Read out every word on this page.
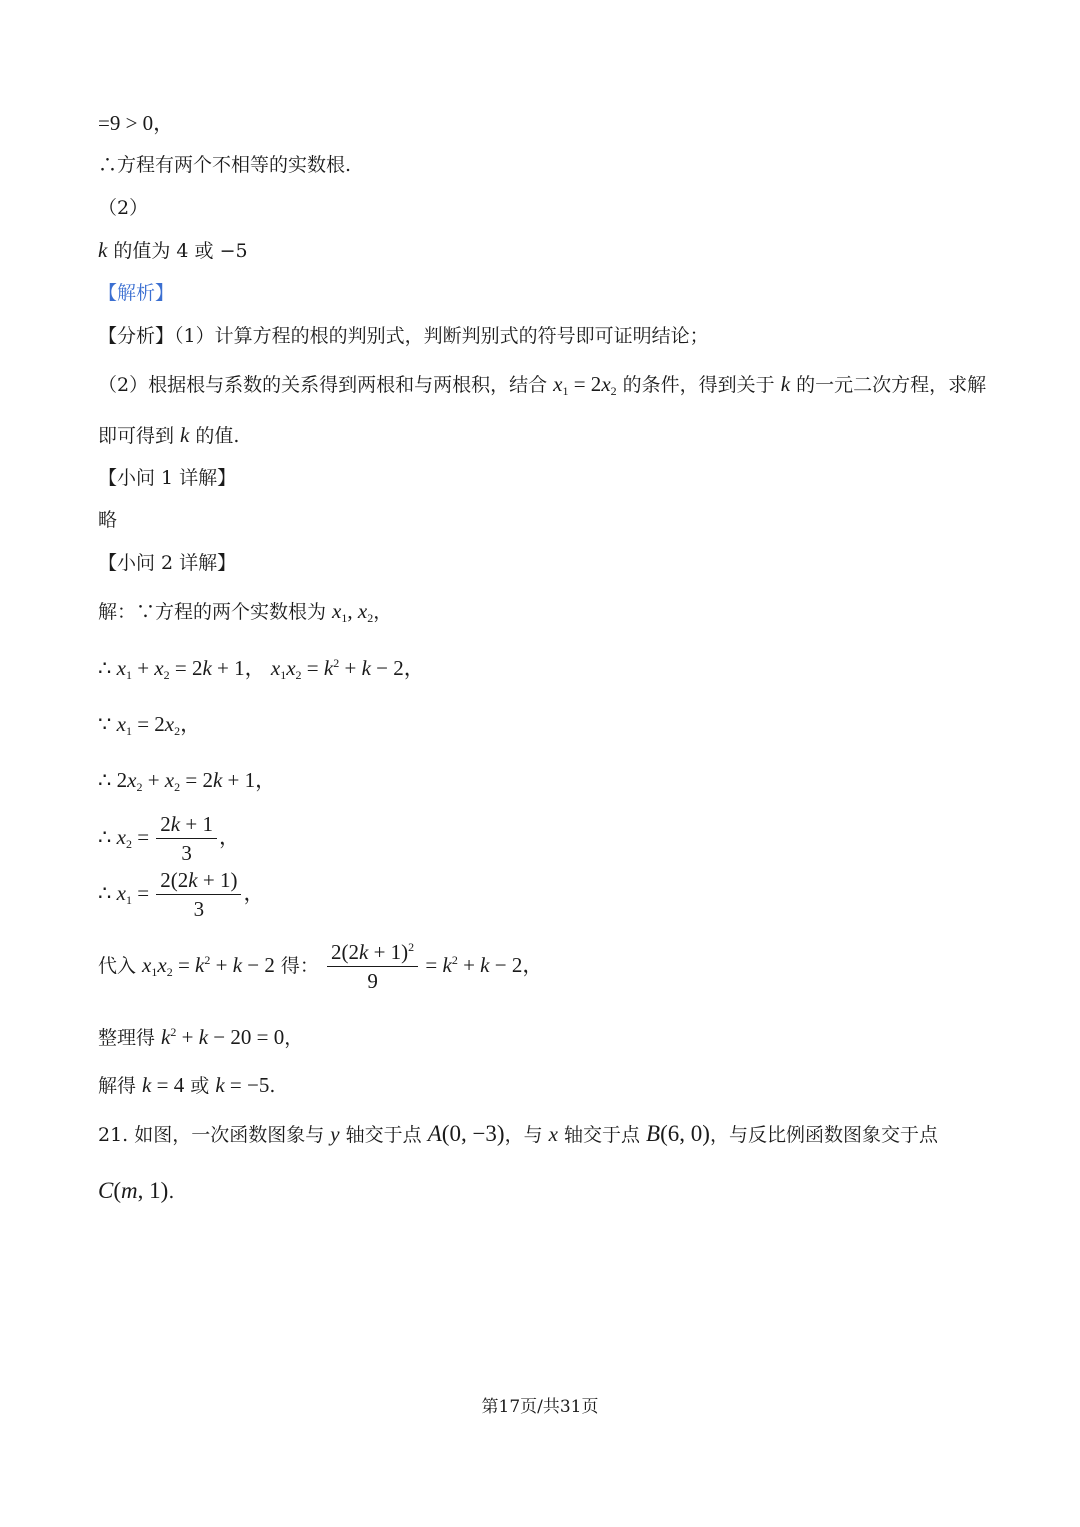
=9 > 0，
∴方程有两个不相等的实数根.
（2）
k 的值为 4 或 −5
【解析】
【分析】（1）计算方程的根的判别式，判断判别式的符号即可证明结论；
（2）根据根与系数的关系得到两根和与两根积，结合 $x_1 = 2x_2$ 的条件，得到关于 k 的一元二次方程，求解
即可得到 k 的值.
【小问 1 详解】
略
【小问 2 详解】
解：∵方程的两个实数根为 $x_1$, $x_2$，
∴ $x_1 + x_2 = 2k + 1$， $x_1x_2 = k^2 + k - 2$，
∵ $x_1 = 2x_2$，
∴ $2x_2 + x_2 = 2k + 1$，
∴ $x_2 = \frac{2k + 1}{3}$ ，
∴ $x_1 = \frac{2(2k + 1)}{3}$ ，
代入 $x_1x_2 = k^2 + k - 2$ 得： $\frac{2(2k + 1)^2}{9} = k^2 + k - 2$，
整理得 $k^2 + k - 20 = 0$，
解得 k = 4 或 k = −5.
21. 如图，一次函数图象与 y 轴交于点 A(0, −3)，与 x 轴交于点 B(6, 0)，与反比例函数图象交于点
C(m, 1).
第17页/共31页
